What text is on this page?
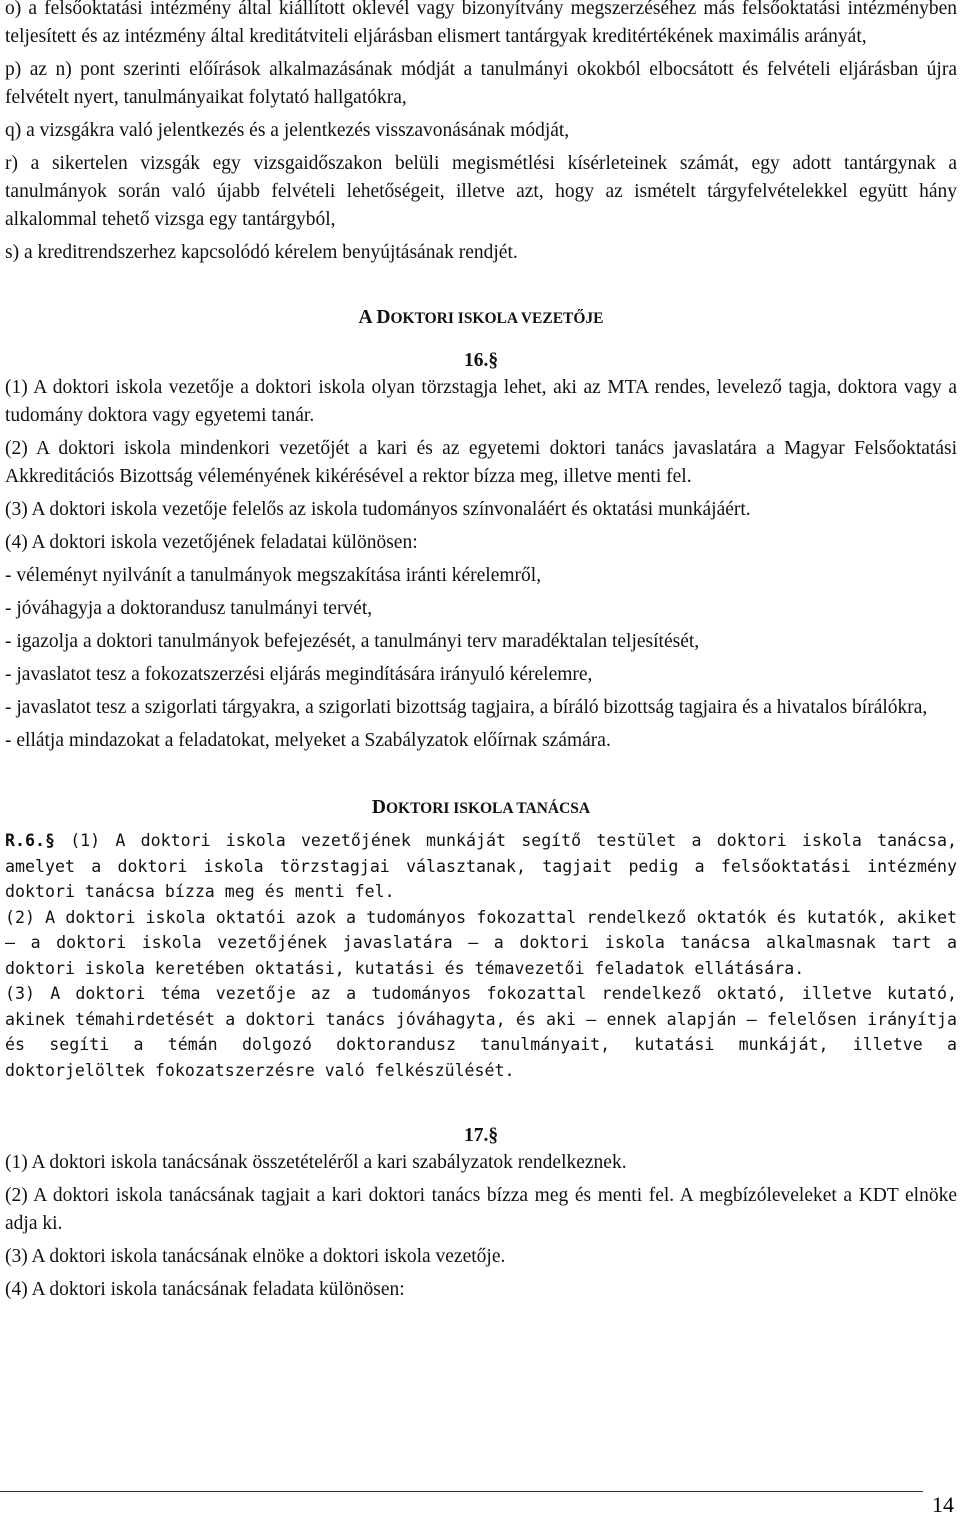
o) a felsőoktatási intézmény által kiállított oklevél vagy bizonyítvány megszerzéséhez más felsőoktatási intézményben teljesített és az intézmény által kreditátviteli eljárásban elismert tantárgyak kreditértékének maximális arányát,

p) az n) pont szerinti előírások alkalmazásának módját a tanulmányi okokból elbocsátott és felvételi eljárásban újra felvételt nyert, tanulmányaikat folytató hallgatókra,

q) a vizsgákra való jelentkezés és a jelentkezés visszavonásának módját,

r) a sikertelen vizsgák egy vizsgaidőszakon belüli megismétlési kísérleteinek számát, egy adott tantárgynak a tanulmányok során való újabb felvételi lehetőségeit, illetve azt, hogy az ismételt tárgyfelvételekkel együtt hány alkalommal tehető vizsga egy tantárgyból,

s) a kreditrendszerhez kapcsolódó kérelem benyújtásának rendjét.

A DOKTORI ISKOLA VEZETŐJE
16.§

(1) A doktori iskola vezetője a doktori iskola olyan törzstagja lehet, aki az MTA rendes, levelező tagja, doktora vagy a tudomány doktora vagy egyetemi tanár.

(2) A doktori iskola mindenkori vezetőjét a kari és az egyetemi doktori tanács javaslatára a Magyar Felsőoktatási Akkreditációs Bizottság véleményének kikérésével a rektor bízza meg, illetve menti fel.

(3) A doktori iskola vezetője felelős az iskola tudományos színvonaláért és oktatási munkájáért.

(4) A doktori iskola vezetőjének feladatai különösen:

- véleményt nyilvánít a tanulmányok megszakítása iránti kérelemről,

- jóváhagyja a doktorandusz tanulmányi tervét,

- igazolja a doktori tanulmányok befejezését, a tanulmányi terv maradéktalan teljesítését,

- javaslatot tesz a fokozatszerzési eljárás megindítására irányuló kérelemre,

- javaslatot tesz a szigorlati tárgyakra, a szigorlati bizottság tagjaira, a bíráló bizottság tagjaira és a hivatalos bírálókra,

- ellátja mindazokat a feladatokat, melyeket a Szabályzatok előírnak számára.

DOKTORI ISKOLA TANÁCSA

R.6.§ (1) A doktori iskola vezetőjének munkáját segítő testület a doktori iskola tanácsa, amelyet a doktori iskola törzstagjai választanak, tagjait pedig a felsőoktatási intézmény doktori tanácsa bízza meg és menti fel.

(2) A doktori iskola oktatói azok a tudományos fokozattal rendelkező oktatók és kutatók, akiket – a doktori iskola vezetőjének javaslatára – a doktori iskola tanácsa alkalmasnak tart a doktori iskola keretében oktatási, kutatási és témavezetői feladatok ellátására.

(3) A doktori téma vezetője az a tudományos fokozattal rendelkező oktató, illetve kutató, akinek témahirdetését a doktori tanács jóváhagyta, és aki – ennek alapján – felelősen irányítja és segíti a témán dolgozó doktorandusz tanulmányait, kutatási munkáját, illetve a doktorjelöltek fokozatszerzésre való felkészülését.

17.§

(1) A doktori iskola tanácsának összetételéről a kari szabályzatok rendelkeznek.

(2) A doktori iskola tanácsának tagjait a kari doktori tanács bízza meg és menti fel. A megbízóleveleket a KDT elnöke adja ki.

(3) A doktori iskola tanácsának elnöke a doktori iskola vezetője.

(4) A doktori iskola tanácsának feladata különösen:

14
